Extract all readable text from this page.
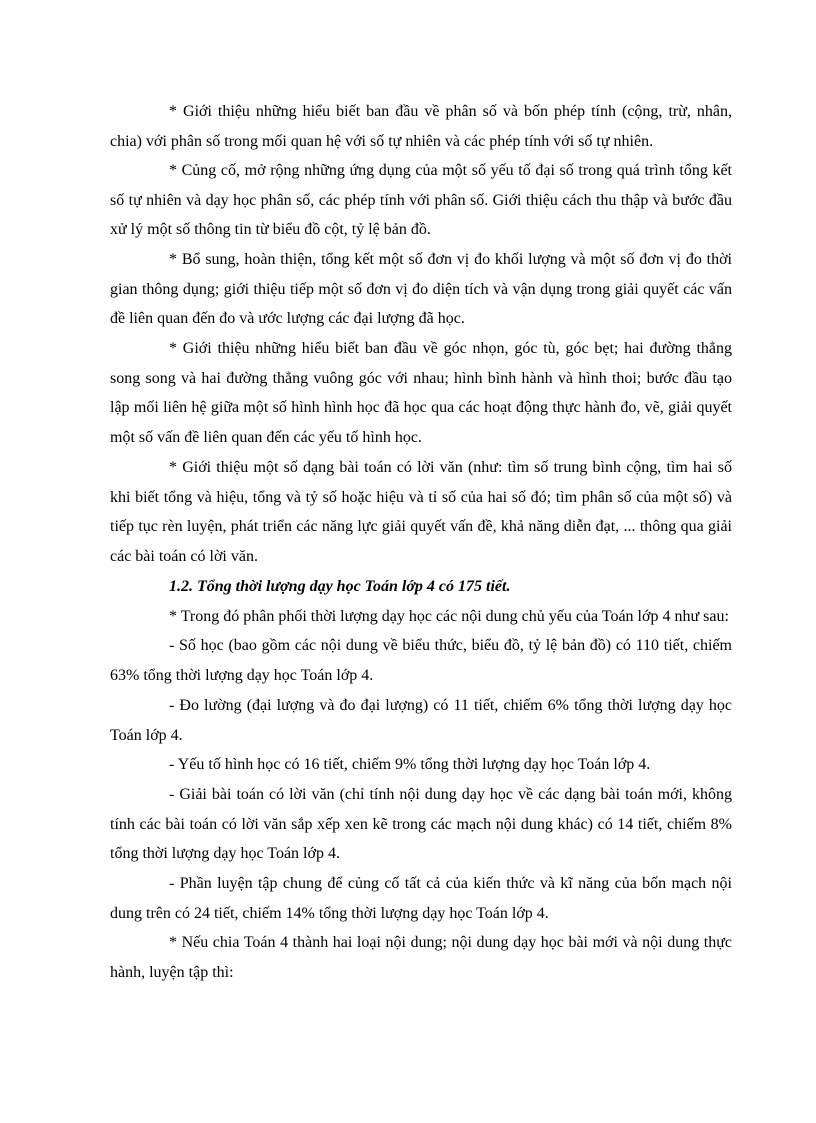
* Giới thiệu những hiểu biết ban đầu về phân số và bốn phép tính (cộng, trừ, nhân, chia) với phân số trong mối quan hệ với số tự nhiên và các phép tính với số tự nhiên.

* Củng cố, mở rộng những ứng dụng của một số yếu tố đại số trong quá trình tổng kết số tự nhiên và dạy học phân số, các phép tính với phân số. Giới thiệu cách thu thập và bước đầu xử lý một số thông tin từ biểu đồ cột, tỷ lệ bản đồ.

* Bổ sung, hoàn thiện, tổng kết một số đơn vị đo khối lượng và một số đơn vị đo thời gian thông dụng; giới thiệu tiếp một số đơn vị đo diện tích và vận dụng trong giải quyết các vấn đề liên quan đến đo và ước lượng các đại lượng đã học.

* Giới thiệu những hiểu biết ban đầu về góc nhọn, góc tù, góc bẹt; hai đường thẳng song song và hai đường thẳng vuông góc với nhau; hình bình hành và hình thoi; bước đầu tạo lập mối liên hệ giữa một số hình hình học đã học qua các hoạt động thực hành đo, vẽ, giải quyết một số vấn đề liên quan đến các yếu tố hình học.

* Giới thiệu một số dạng bài toán có lời văn (như: tìm số trung bình cộng, tìm hai số khi biết tổng và hiệu, tổng và tỷ số hoặc hiệu và tỉ số của hai số đó; tìm phân số của một số) và tiếp tục rèn luyện, phát triển các năng lực giải quyết vấn đề, khả năng diễn đạt, ... thông qua giải các bài toán có lời văn.

1.2. Tổng thời lượng dạy học Toán lớp 4 có 175 tiết.

* Trong đó phân phối thời lượng dạy học các nội dung chủ yếu của Toán lớp 4 như sau:

- Số học (bao gồm các nội dung về biểu thức, biểu đồ, tỷ lệ bản đồ) có 110 tiết, chiếm 63% tổng thời lượng dạy học Toán lớp 4.

- Đo lường (đại lượng và đo đại lượng) có 11 tiết, chiếm 6% tổng thời lượng dạy học Toán lớp 4.

- Yếu tố hình học có 16 tiết, chiếm 9% tổng thời lượng dạy học Toán lớp 4.

- Giải bài toán có lời văn (chỉ tính nội dung dạy học về các dạng bài toán mới, không tính các bài toán có lời văn sắp xếp xen kẽ trong các mạch nội dung khác) có 14 tiết, chiếm 8% tổng thời lượng dạy học Toán lớp 4.

- Phần luyện tập chung để củng cố tất cả của kiến thức và kĩ năng của bốn mạch nội dung trên có 24 tiết, chiếm 14% tổng thời lượng dạy học Toán lớp 4.

* Nếu chia Toán 4 thành hai loại nội dung; nội dung dạy học bài mới và nội dung thực hành, luyện tập thì:
